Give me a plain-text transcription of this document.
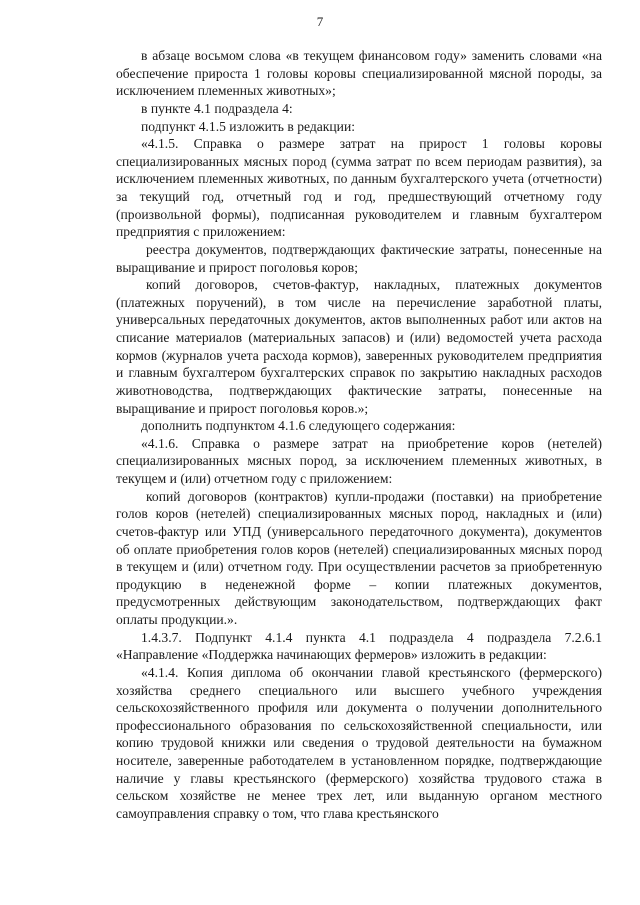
7

в абзаце восьмом слова «в текущем финансовом году» заменить словами «на обеспечение прироста 1 головы коровы специализированной мясной породы, за исключением племенных животных»;

в пункте 4.1 подраздела 4:

подпункт 4.1.5 изложить в редакции:

«4.1.5. Справка о размере затрат на прирост 1 головы коровы специализированных мясных пород (сумма затрат по всем периодам развития), за исключением племенных животных, по данным бухгалтерского учета (отчетности) за текущий год, отчетный год и год, предшествующий отчетному году (произвольной формы), подписанная руководителем и главным бухгалтером предприятия с приложением:

реестра документов, подтверждающих фактические затраты, понесенные на выращивание и прирост поголовья коров;

копий договоров, счетов-фактур, накладных, платежных документов (платежных поручений), в том числе на перечисление заработной платы, универсальных передаточных документов, актов выполненных работ или актов на списание материалов (материальных запасов) и (или) ведомостей учета расхода кормов (журналов учета расхода кормов), заверенных руководителем предприятия и главным бухгалтером бухгалтерских справок по закрытию накладных расходов животноводства, подтверждающих фактические затраты, понесенные на выращивание и прирост поголовья коров.»;

дополнить подпунктом 4.1.6 следующего содержания:

«4.1.6. Справка о размере затрат на приобретение коров (нетелей) специализированных мясных пород, за исключением племенных животных, в текущем и (или) отчетном году с приложением:

копий договоров (контрактов) купли-продажи (поставки) на приобретение голов коров (нетелей) специализированных мясных пород, накладных и (или) счетов-фактур или УПД (универсального передаточного документа), документов об оплате приобретения голов коров (нетелей) специализированных мясных пород в текущем и (или) отчетном году. При осуществлении расчетов за приобретенную продукцию в неденежной форме – копии платежных документов, предусмотренных действующим законодательством, подтверждающих факт оплаты продукции.».

1.4.3.7. Подпункт 4.1.4 пункта 4.1 подраздела 4 подраздела 7.2.6.1 «Направление «Поддержка начинающих фермеров» изложить в редакции:

«4.1.4. Копия диплома об окончании главой крестьянского (фермерского) хозяйства среднего специального или высшего учебного учреждения сельскохозяйственного профиля или документа о получении дополнительного профессионального образования по сельскохозяйственной специальности, или копию трудовой книжки или сведения о трудовой деятельности на бумажном носителе, заверенные работодателем в установленном порядке, подтверждающие наличие у главы крестьянского (фермерского) хозяйства трудового стажа в сельском хозяйстве не менее трех лет, или выданную органом местного самоуправления справку о том, что глава крестьянского
